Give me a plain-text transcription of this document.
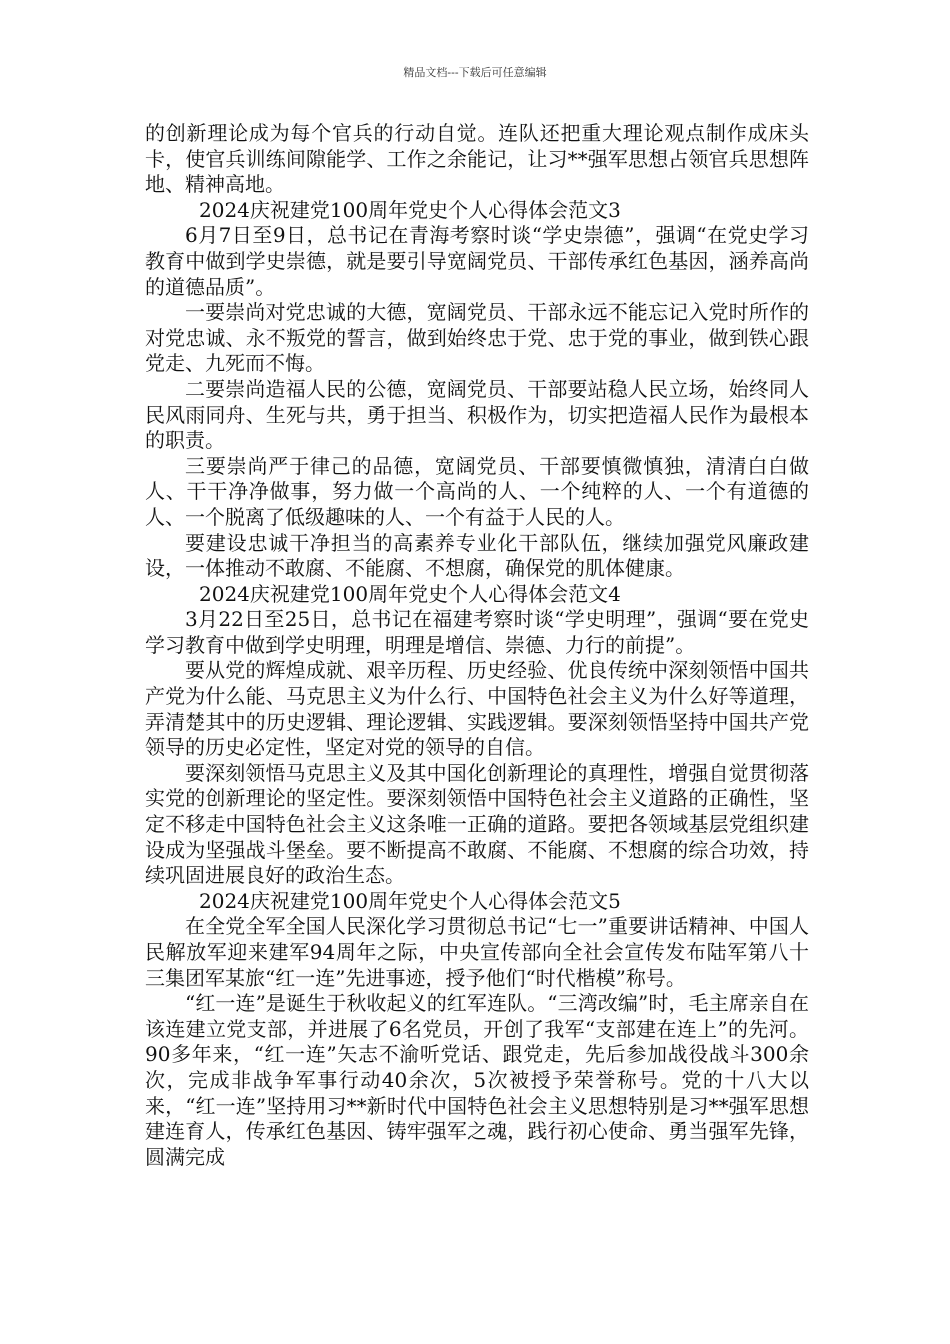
精品文档---下载后可任意编辑

的创新理论成为每个官兵的行动自觉。连队还把重大理论观点制作成床头卡，使官兵训练间隙能学、工作之余能记，让习**强军思想占领官兵思想阵地、精神高地。

2024庆祝建党100周年党史个人心得体会范文3

6月7日至9日，总书记在青海考察时谈“学史崇德”，强调“在党史学习教育中做到学史崇德，就是要引导宽阔党员、干部传承红色基因，涵养高尚的道德品质”。

一要崇尚对党忠诚的大德，宽阔党员、干部永远不能忘记入党时所作的对党忠诚、永不叛党的誓言，做到始终忠于党、忠于党的事业，做到铁心跟党走、九死而不悔。

二要崇尚造福人民的公德，宽阔党员、干部要站稳人民立场，始终同人民风雨同舟、生死与共，勇于担当、积极作为，切实把造福人民作为最根本的职责。

三要崇尚严于律己的品德，宽阔党员、干部要慎微慎独，清清白白做人、干干净净做事，努力做一个高尚的人、一个纯粹的人、一个有道德的人、一个脱离了低级趣味的人、一个有益于人民的人。

要建设忠诚干净担当的高素养专业化干部队伍，继续加强党风廉政建设，一体推动不敢腐、不能腐、不想腐，确保党的肌体健康。

2024庆祝建党100周年党史个人心得体会范文4

3月22日至25日，总书记在福建考察时谈“学史明理”，强调“要在党史学习教育中做到学史明理，明理是增信、崇德、力行的前提”。

要从党的辉煌成就、艰辛历程、历史经验、优良传统中深刻领悟中国共产党为什么能、马克思主义为什么行、中国特色社会主义为什么好等道理，弄清楚其中的历史逻辑、理论逻辑、实践逻辑。要深刻领悟坚持中国共产党领导的历史必定性，坚定对党的领导的自信。

要深刻领悟马克思主义及其中国化创新理论的真理性，增强自觉贯彻落实党的创新理论的坚定性。要深刻领悟中国特色社会主义道路的正确性，坚定不移走中国特色社会主义这条唯一正确的道路。要把各领域基层党组织建设成为坚强战斗堡垒。要不断提高不敢腐、不能腐、不想腐的综合功效，持续巩固进展良好的政治生态。

2024庆祝建党100周年党史个人心得体会范文5

在全党全军全国人民深化学习贯彻总书记“七一”重要讲话精神、中国人民解放军迎来建军94周年之际，中央宣传部向全社会宣传发布陆军第八十三集团军某旅“红一连”先进事迹，授予他们“时代楷模”称号。

“红一连”是诞生于秋收起义的红军连队。“三湾改编”时，毛主席亲自在该连建立党支部，并进展了6名党员，开创了我军“支部建在连上”的先河。90多年来，“红一连”矢志不渝听党话、跟党走，先后参加战役战斗300余次，完成非战争军事行动40余次，5次被授予荣誉称号。党的十八大以来，“红一连”坚持用习**新时代中国特色社会主义思想特别是习**强军思想建连育人，传承红色基因、铸牢强军之魂，践行初心使命、勇当强军先锋，圆满完成
